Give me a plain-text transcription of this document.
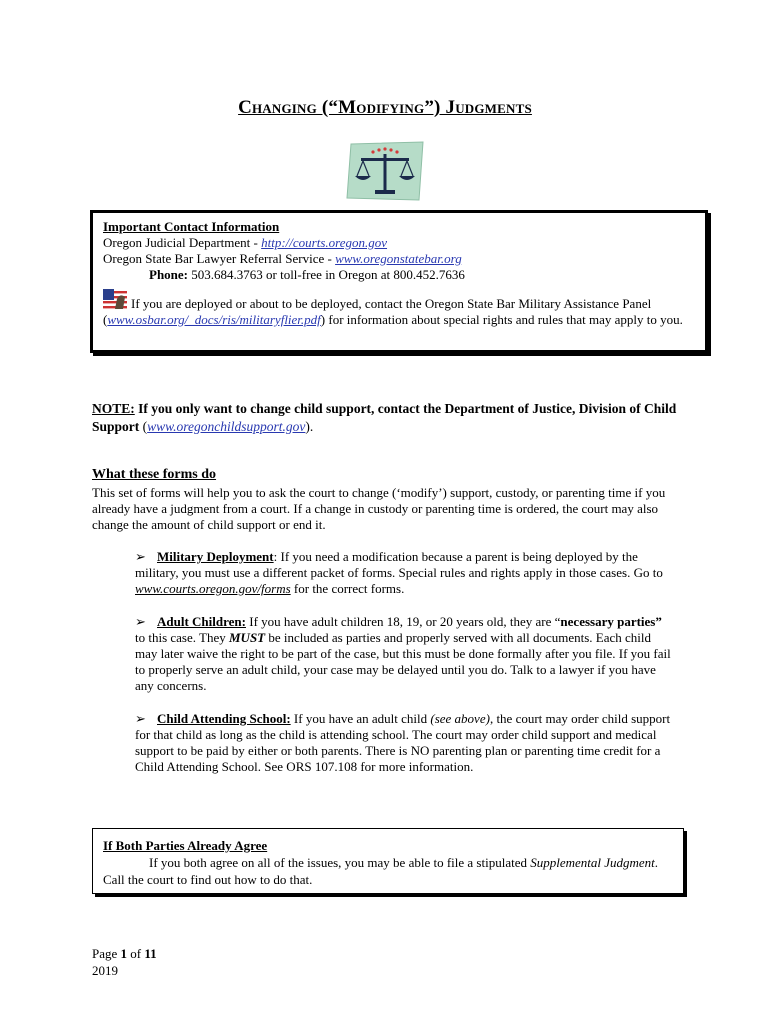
Changing (“Modifying”) Judgments

Important Contact Information

Oregon Judicial Department - http://courts.oregon.gov

Oregon State Bar Lawyer Referral Service - www.oregonstatebar.org

Phone: 503.684.3763 or toll-free in Oregon at 800.452.7636

If you are deployed or about to be deployed, contact the Oregon State Bar Military Assistance Panel (www.osbar.org/_docs/ris/militaryflier.pdf) for information about special rights and rules that may apply to you.

NOTE: If you only want to change child support, contact the Department of Justice, Division of Child Support (www.oregonchildsupport.gov).
What these forms do

This set of forms will help you to ask the court to change (‘modify’) support, custody, or parenting time if you already have a judgment from a court. If a change in custody or parenting time is ordered, the court may also change the amount of child support or end it.

➢ Military Deployment: If you need a modification because a parent is being deployed by the military, you must use a different packet of forms. Special rules and rights apply in those cases. Go to www.courts.oregon.gov/forms for the correct forms.
➢ Adult Children: If you have adult children 18, 19, or 20 years old, they are “necessary parties” to this case. They MUST be included as parties and properly served with all documents. Each child may later waive the right to be part of the case, but this must be done formally after you file. If you fail to properly serve an adult child, your case may be delayed until you do. Talk to a lawyer if you have any concerns.
➢ Child Attending School: If you have an adult child (see above), the court may order child support for that child as long as the child is attending school. The court may order child support and medical support to be paid by either or both parents. There is NO parenting plan or parenting time credit for a Child Attending School. See ORS 107.108 for more information.

If Both Parties Already Agree

If you both agree on all of the issues, you may be able to file a stipulated Supplemental Judgment. Call the court to find out how to do that.

Page 1 of 11
2019
